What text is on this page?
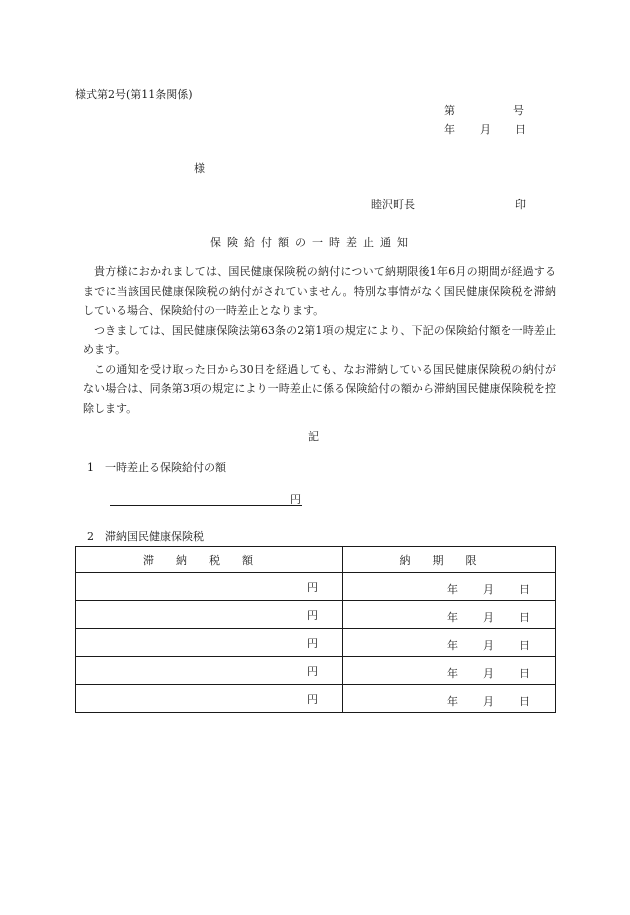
様式第2号(第11条関係)
第	号
年 月 日
様
睦沢町長	印
保険給付額の一時差止通知

貴方様におかれましては、国民健康保険税の納付について納期限後1年6月の期間が経過するまでに当該国民健康保険税の納付がされていません。特別な事情がなく国民健康保険税を滞納している場合、保険給付の一時差止となります。

つきましては、国民健康保険法第63条の2第1項の規定により、下記の保険給付額を一時差止めます。

この通知を受け取った日から30日を経過しても、なお滞納している国民健康保険税の納付がない場合は、同条第3項の規定により一時差止に係る保険給付の額から滞納国民健康保険税を控除します。

記
1　一時差止る保険給付の額
円
2　滞納国民健康保険税
滞納税額	納期限
円	年 月 日

円	年 月 日

円	年 月 日

円	年 月 日

円	年 月 日
